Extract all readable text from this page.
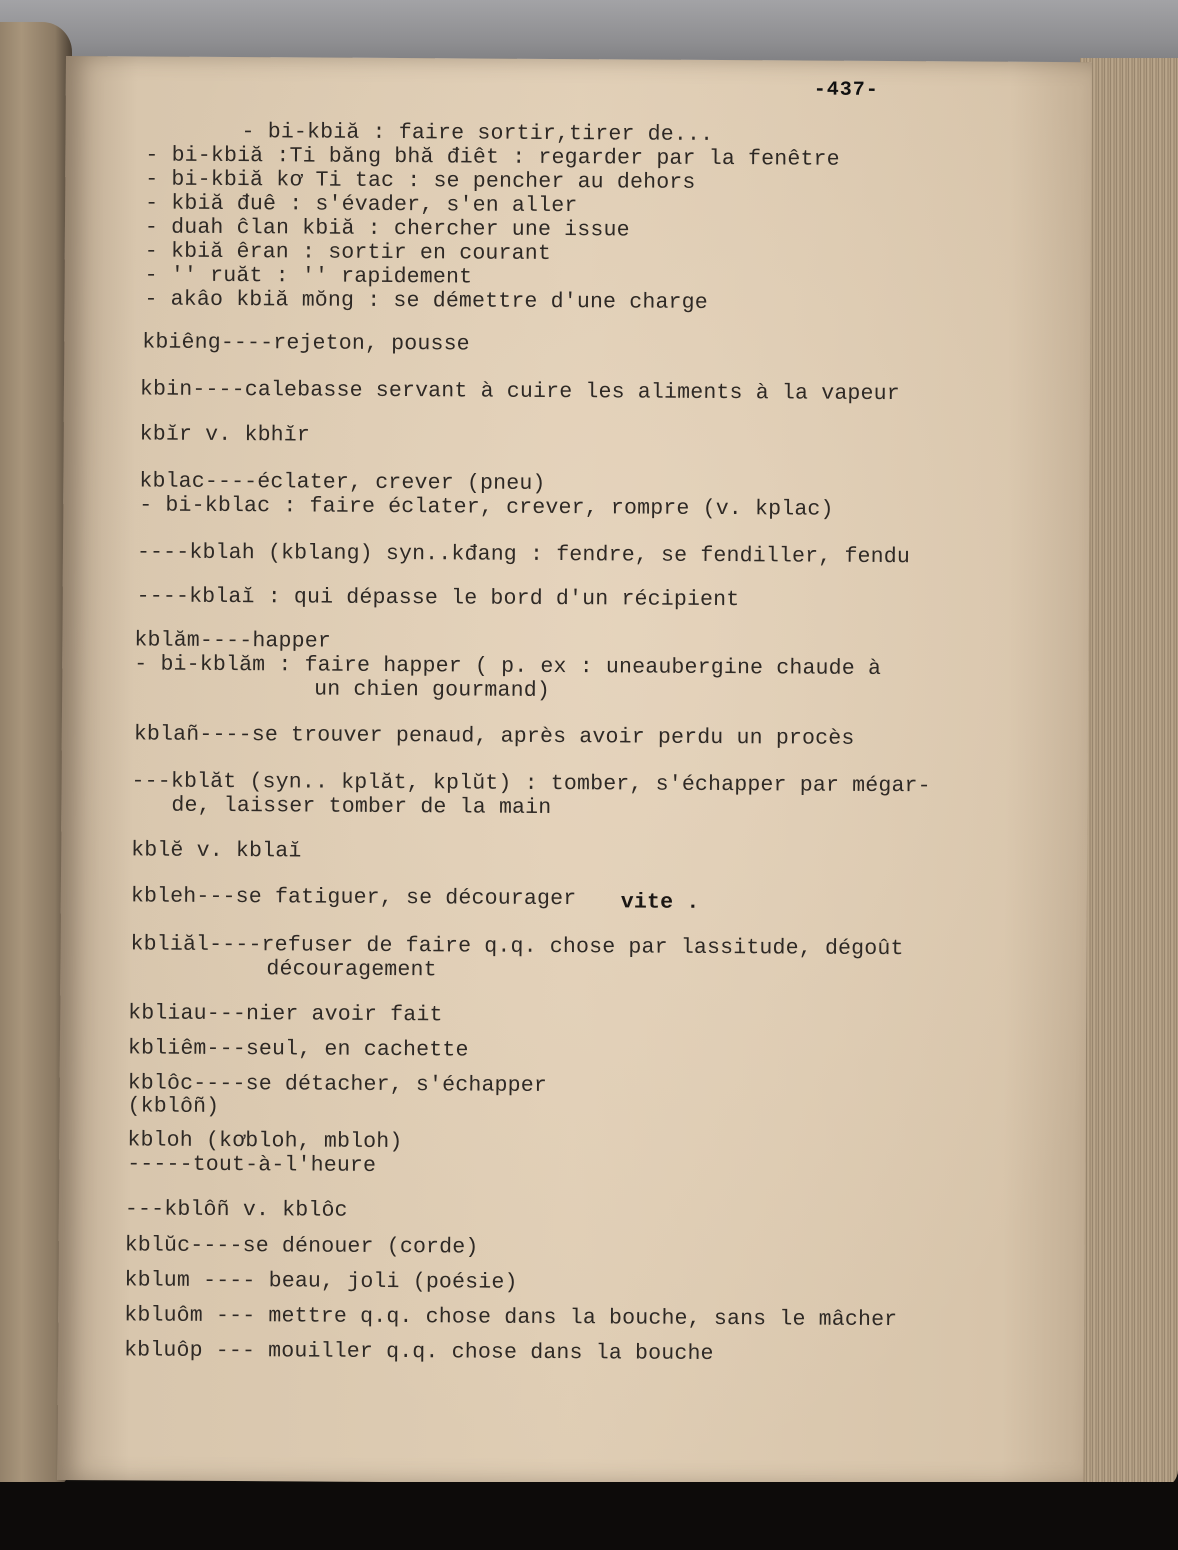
-437-
- bi-kbiă : faire sortir,tirer de...
- bi-kbiă :Ti băng bhă điêt : regarder par la fenêtre
- bi-kbiă kơ Ti tac : se pencher au dehors
- kbiă đuê : s'évader, s'en aller
- duah ĉlan kbiă : chercher une issue
- kbiă êran : sortir en courant
- '' ruăt : '' rapidement
- akâo kbiă mŏng : se démettre d'une charge
kbiêng----rejeton, pousse
kbin----calebasse servant à cuire les aliments à la vapeur
kbĭr v. kbhĭr
kblac----éclater, crever (pneu)
- bi-kblac : faire éclater, crever, rompre (v. kplac)
----kblah (kblang) syn..kđang : fendre, se fendiller, fendu
----kblaĭ : qui dépasse le bord d'un récipient
kblăm----happer
- bi-kblăm : faire happer ( p. ex : uneaubergine chaude à
un chien gourmand)
kblañ----se trouver penaud, après avoir perdu un procès
---kblăt (syn.. kplăt, kplŭt) : tomber, s'échapper par mégar-
de, laisser tomber de la main
kblĕ v. kblaĭ
kbleh---se fatiguer, se décourager vite .
kbliăl----refuser de faire q.q. chose par lassitude, dégoût
découragement
kbliau---nier avoir fait
kbliêm---seul, en cachette
kblôc----se détacher, s'échapper
(kblôñ)
kbloh (kơbloh, mbloh)
-----tout-à-l'heure
---kblôñ v. kblôc
kblŭc----se dénouer (corde)
kblum ---- beau, joli (poésie)
kbluôm --- mettre q.q. chose dans la bouche, sans le mâcher
kbluôp --- mouiller q.q. chose dans la bouche
